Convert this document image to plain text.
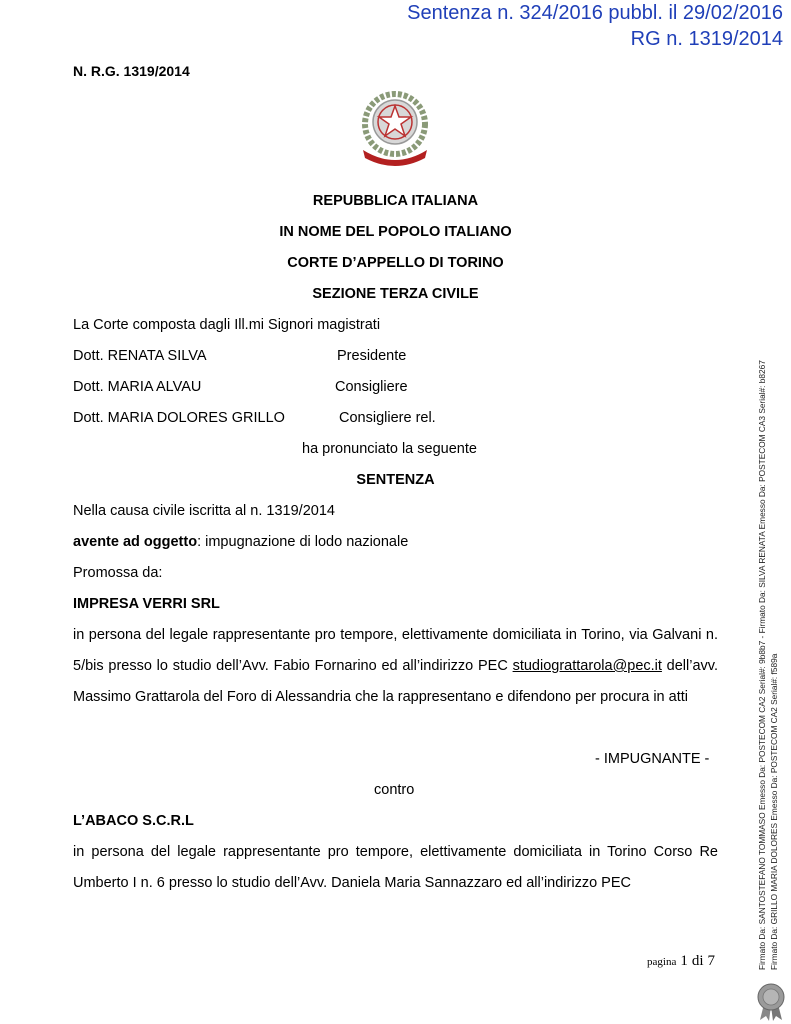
Sentenza n. 324/2016 pubbl. il 29/02/2016
RG n. 1319/2014
N. R.G. 1319/2014
•
REPUBBLICA ITALIANA
IN NOME DEL POPOLO ITALIANO
CORTE D’APPELLO DI TORINO
SEZIONE TERZA CIVILE
La Corte composta dagli Ill.mi Signori magistrati
Dott. RENATA SILVA	Presidente
Dott. MARIA ALVAU	Consigliere
Dott. MARIA DOLORES GRILLO	Consigliere rel.
ha pronunciato la seguente
SENTENZA
Nella causa civile iscritta al n. 1319/2014
avente ad oggetto: impugnazione di lodo nazionale
Promossa da:
IMPRESA VERRI SRL
in persona del legale rappresentante pro tempore, elettivamente domiciliata in Torino, via Galvani n. 5/bis presso lo studio dell’Avv. Fabio Fornarino ed all’indirizzo PEC studiograttarola@pec.it dell’avv. Massimo Grattarola del Foro di Alessandria che la rappresentano e difendono per procura in atti
- IMPUGNANTE -
contro
L’ABACO S.C.R.L
in persona del legale rappresentante pro tempore, elettivamente domiciliata in Torino Corso Re Umberto I n. 6 presso lo studio dell’Avv. Daniela Maria Sannazzaro ed all’indirizzo PEC	Firmato Da: SANTOSTEFANO TOMMASO Emesso Da: POSTECOM CA2 Serial#: 9b8b7 - Firmato Da: SILVA RENATA Emesso Da: POSTECOM CA3 Serial#: b8267 Firmato Da: GRILLO MARIA DOLORES Emesso Da: POSTECOM CA2 Serial#: f589a
pagina 1 di 7
